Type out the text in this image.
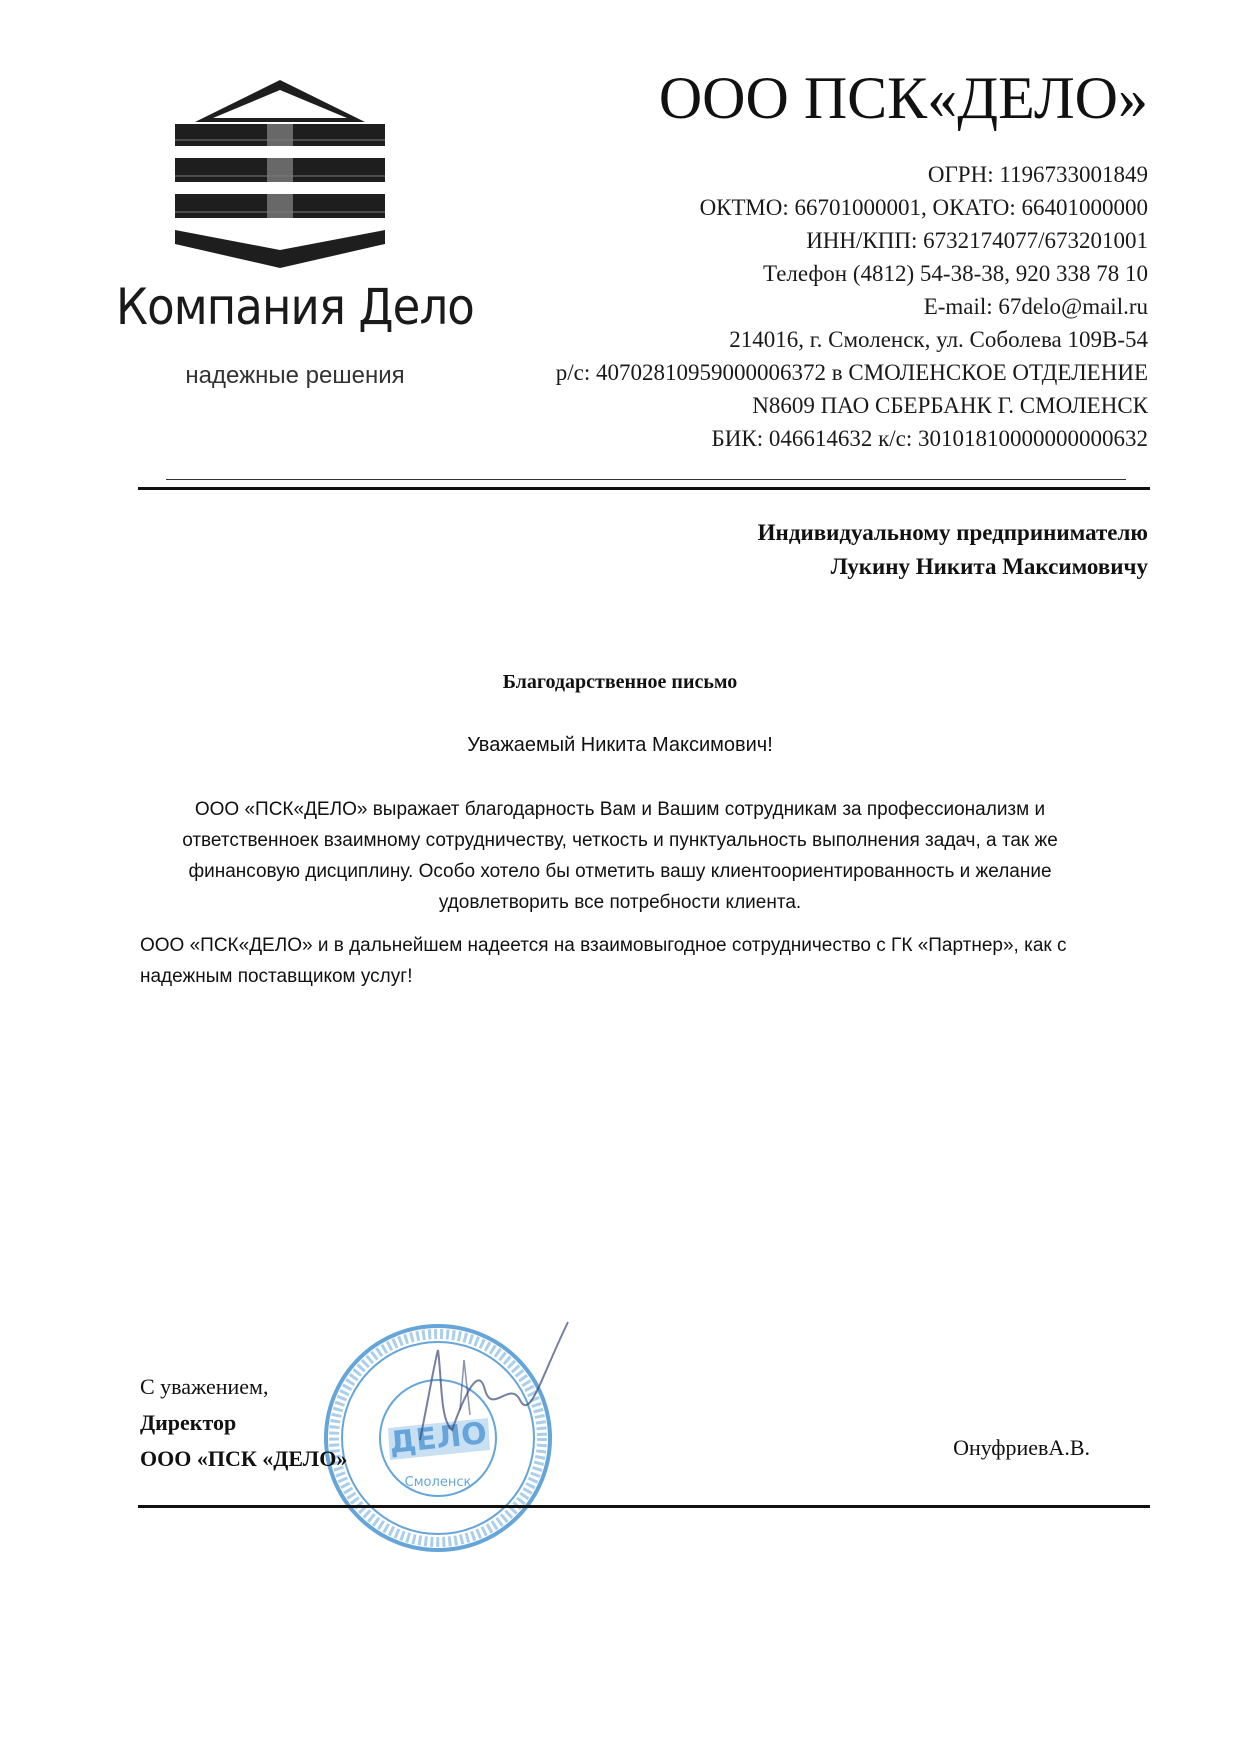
Компания Дело
надежные решения
ООО ПСК«ДЕЛО»
ОГРН: 1196733001849
ОКТМО: 66701000001, ОКАТО: 66401000000
ИНН/КПП: 6732174077/673201001
Телефон (4812) 54-38-38, 920 338 78 10
E-mail: 67delo@mail.ru
214016, г. Смоленск, ул. Соболева 109В-54
р/с: 40702810959000006372 в СМОЛЕНСКОЕ ОТДЕЛЕНИЕ
N8609 ПАО СБЕРБАНК Г. СМОЛЕНСК
БИК: 046614632 к/с: 30101810000000000632
Индивидуальному предпринимателю
Лукину Никита Максимовичу
Благодарственное письмо
Уважаемый Никита Максимович!
ООО «ПСК«ДЕЛО» выражает благодарность Вам и Вашим сотрудникам за профессионализм и ответственноек взаимному сотрудничеству, четкость и пунктуальность выполнения задач, а так же финансовую дисциплину. Особо хотело бы отметить вашу клиентоориентированность и желание удовлетворить все потребности клиента.
ООО «ПСК«ДЕЛО» и в дальнейшем надеется на взаимовыгодное сотрудничество с ГК «Партнер», как с надежным поставщиком услуг!
ДЕЛО
Смоленск
С уважением,
Директор
ООО «ПСК «ДЕЛО»	ОнуфриевА.В.
